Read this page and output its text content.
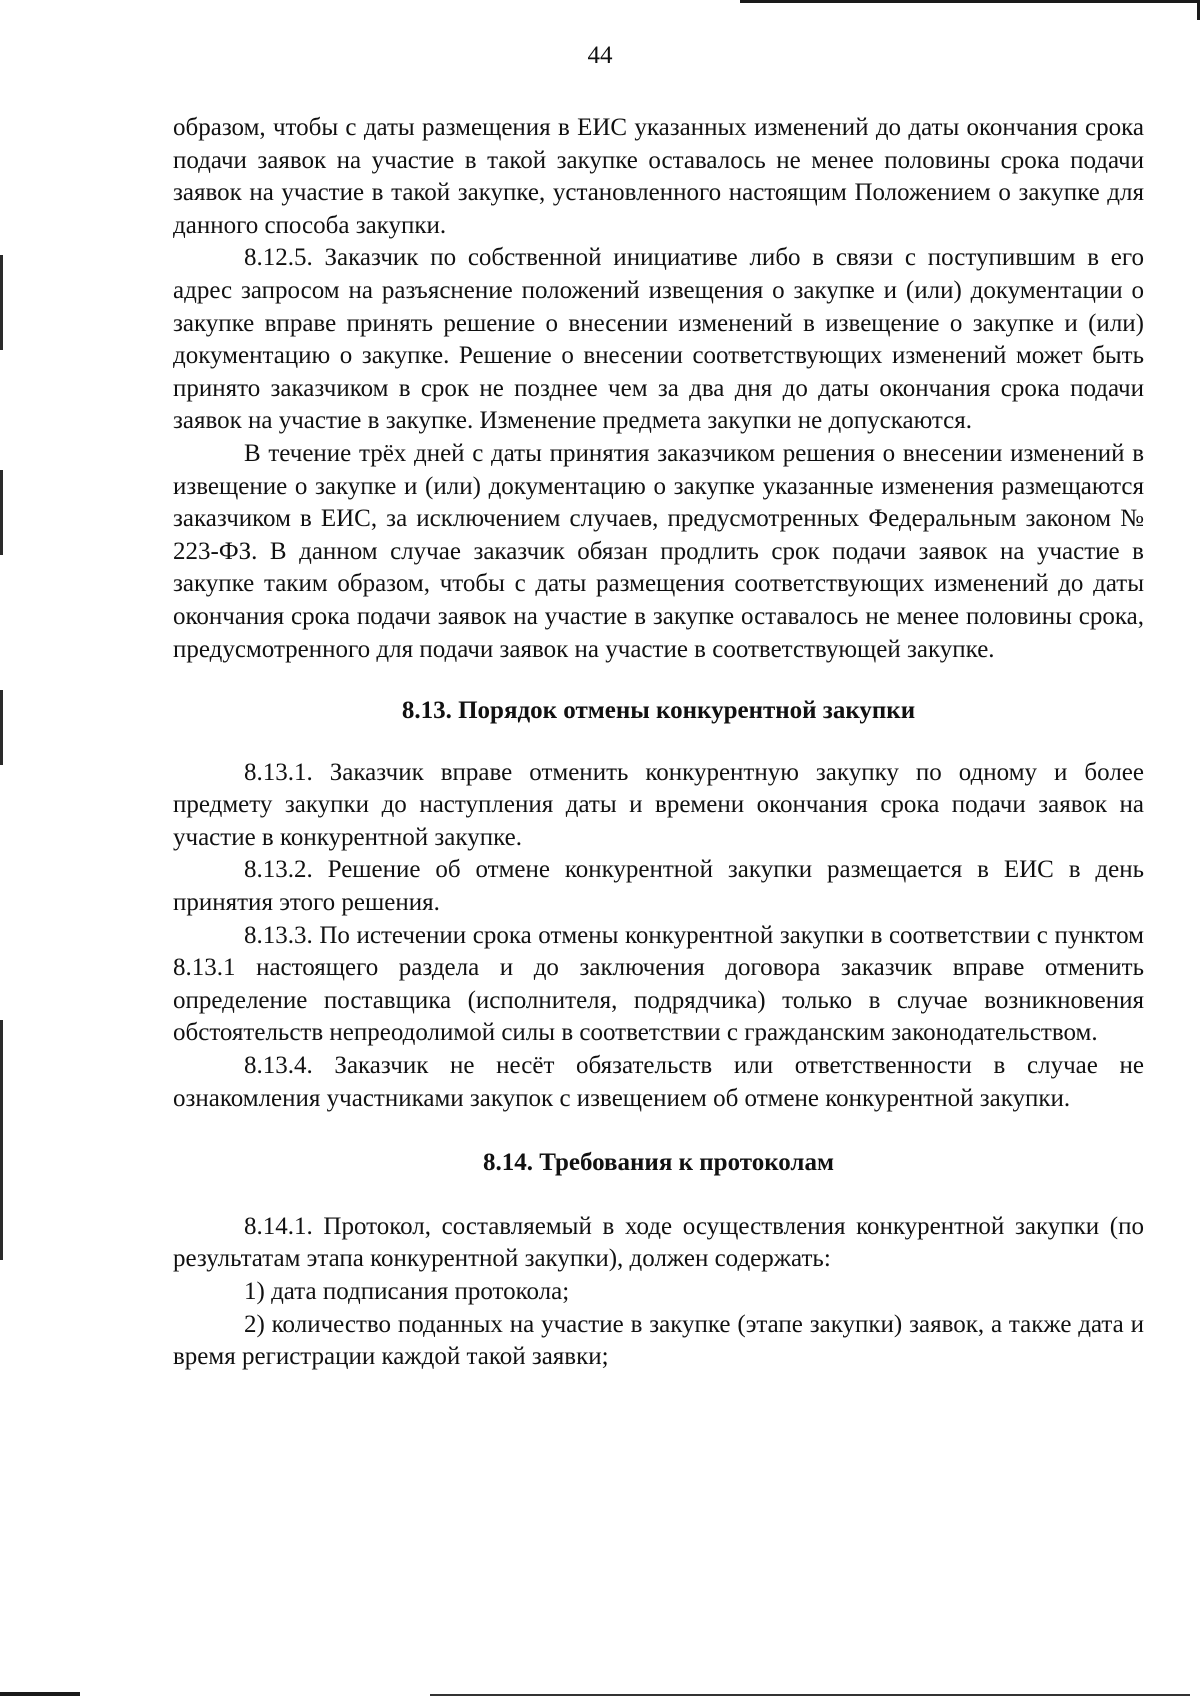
44

образом, чтобы с даты размещения в ЕИС указанных изменений до даты окончания срока подачи заявок на участие в такой закупке оставалось не менее половины срока подачи заявок на участие в такой закупке, установленного настоящим Положением о закупке для данного способа закупки.

8.12.5. Заказчик по собственной инициативе либо в связи с поступившим в его адрес запросом на разъяснение положений извещения о закупке и (или) документации о закупке вправе принять решение о внесении изменений в извещение о закупке и (или) документацию о закупке. Решение о внесении соответствующих изменений может быть принято заказчиком в срок не позднее чем за два дня до даты окончания срока подачи заявок на участие в закупке. Изменение предмета закупки не допускаются.

В течение трёх дней с даты принятия заказчиком решения о внесении изменений в извещение о закупке и (или) документацию о закупке указанные изменения размещаются заказчиком в ЕИС, за исключением случаев, предусмотренных Федеральным законом № 223-ФЗ. В данном случае заказчик обязан продлить срок подачи заявок на участие в закупке таким образом, чтобы с даты размещения соответствующих изменений до даты окончания срока подачи заявок на участие в закупке оставалось не менее половины срока, предусмотренного для подачи заявок на участие в соответствующей закупке.

8.13. Порядок отмены конкурентной закупки

8.13.1. Заказчик вправе отменить конкурентную закупку по одному и более предмету закупки до наступления даты и времени окончания срока подачи заявок на участие в конкурентной закупке.

8.13.2. Решение об отмене конкурентной закупки размещается в ЕИС в день принятия этого решения.

8.13.3. По истечении срока отмены конкурентной закупки в соответствии с пунктом 8.13.1 настоящего раздела и до заключения договора заказчик вправе отменить определение поставщика (исполнителя, подрядчика) только в случае возникновения обстоятельств непреодолимой силы в соответствии с гражданским законодательством.

8.13.4. Заказчик не несёт обязательств или ответственности в случае не ознакомления участниками закупок с извещением об отмене конкурентной закупки.

8.14. Требования к протоколам

8.14.1. Протокол, составляемый в ходе осуществления конкурентной закупки (по результатам этапа конкурентной закупки), должен содержать:

1) дата подписания протокола;

2) количество поданных на участие в закупке (этапе закупки) заявок, а также дата и время регистрации каждой такой заявки;
